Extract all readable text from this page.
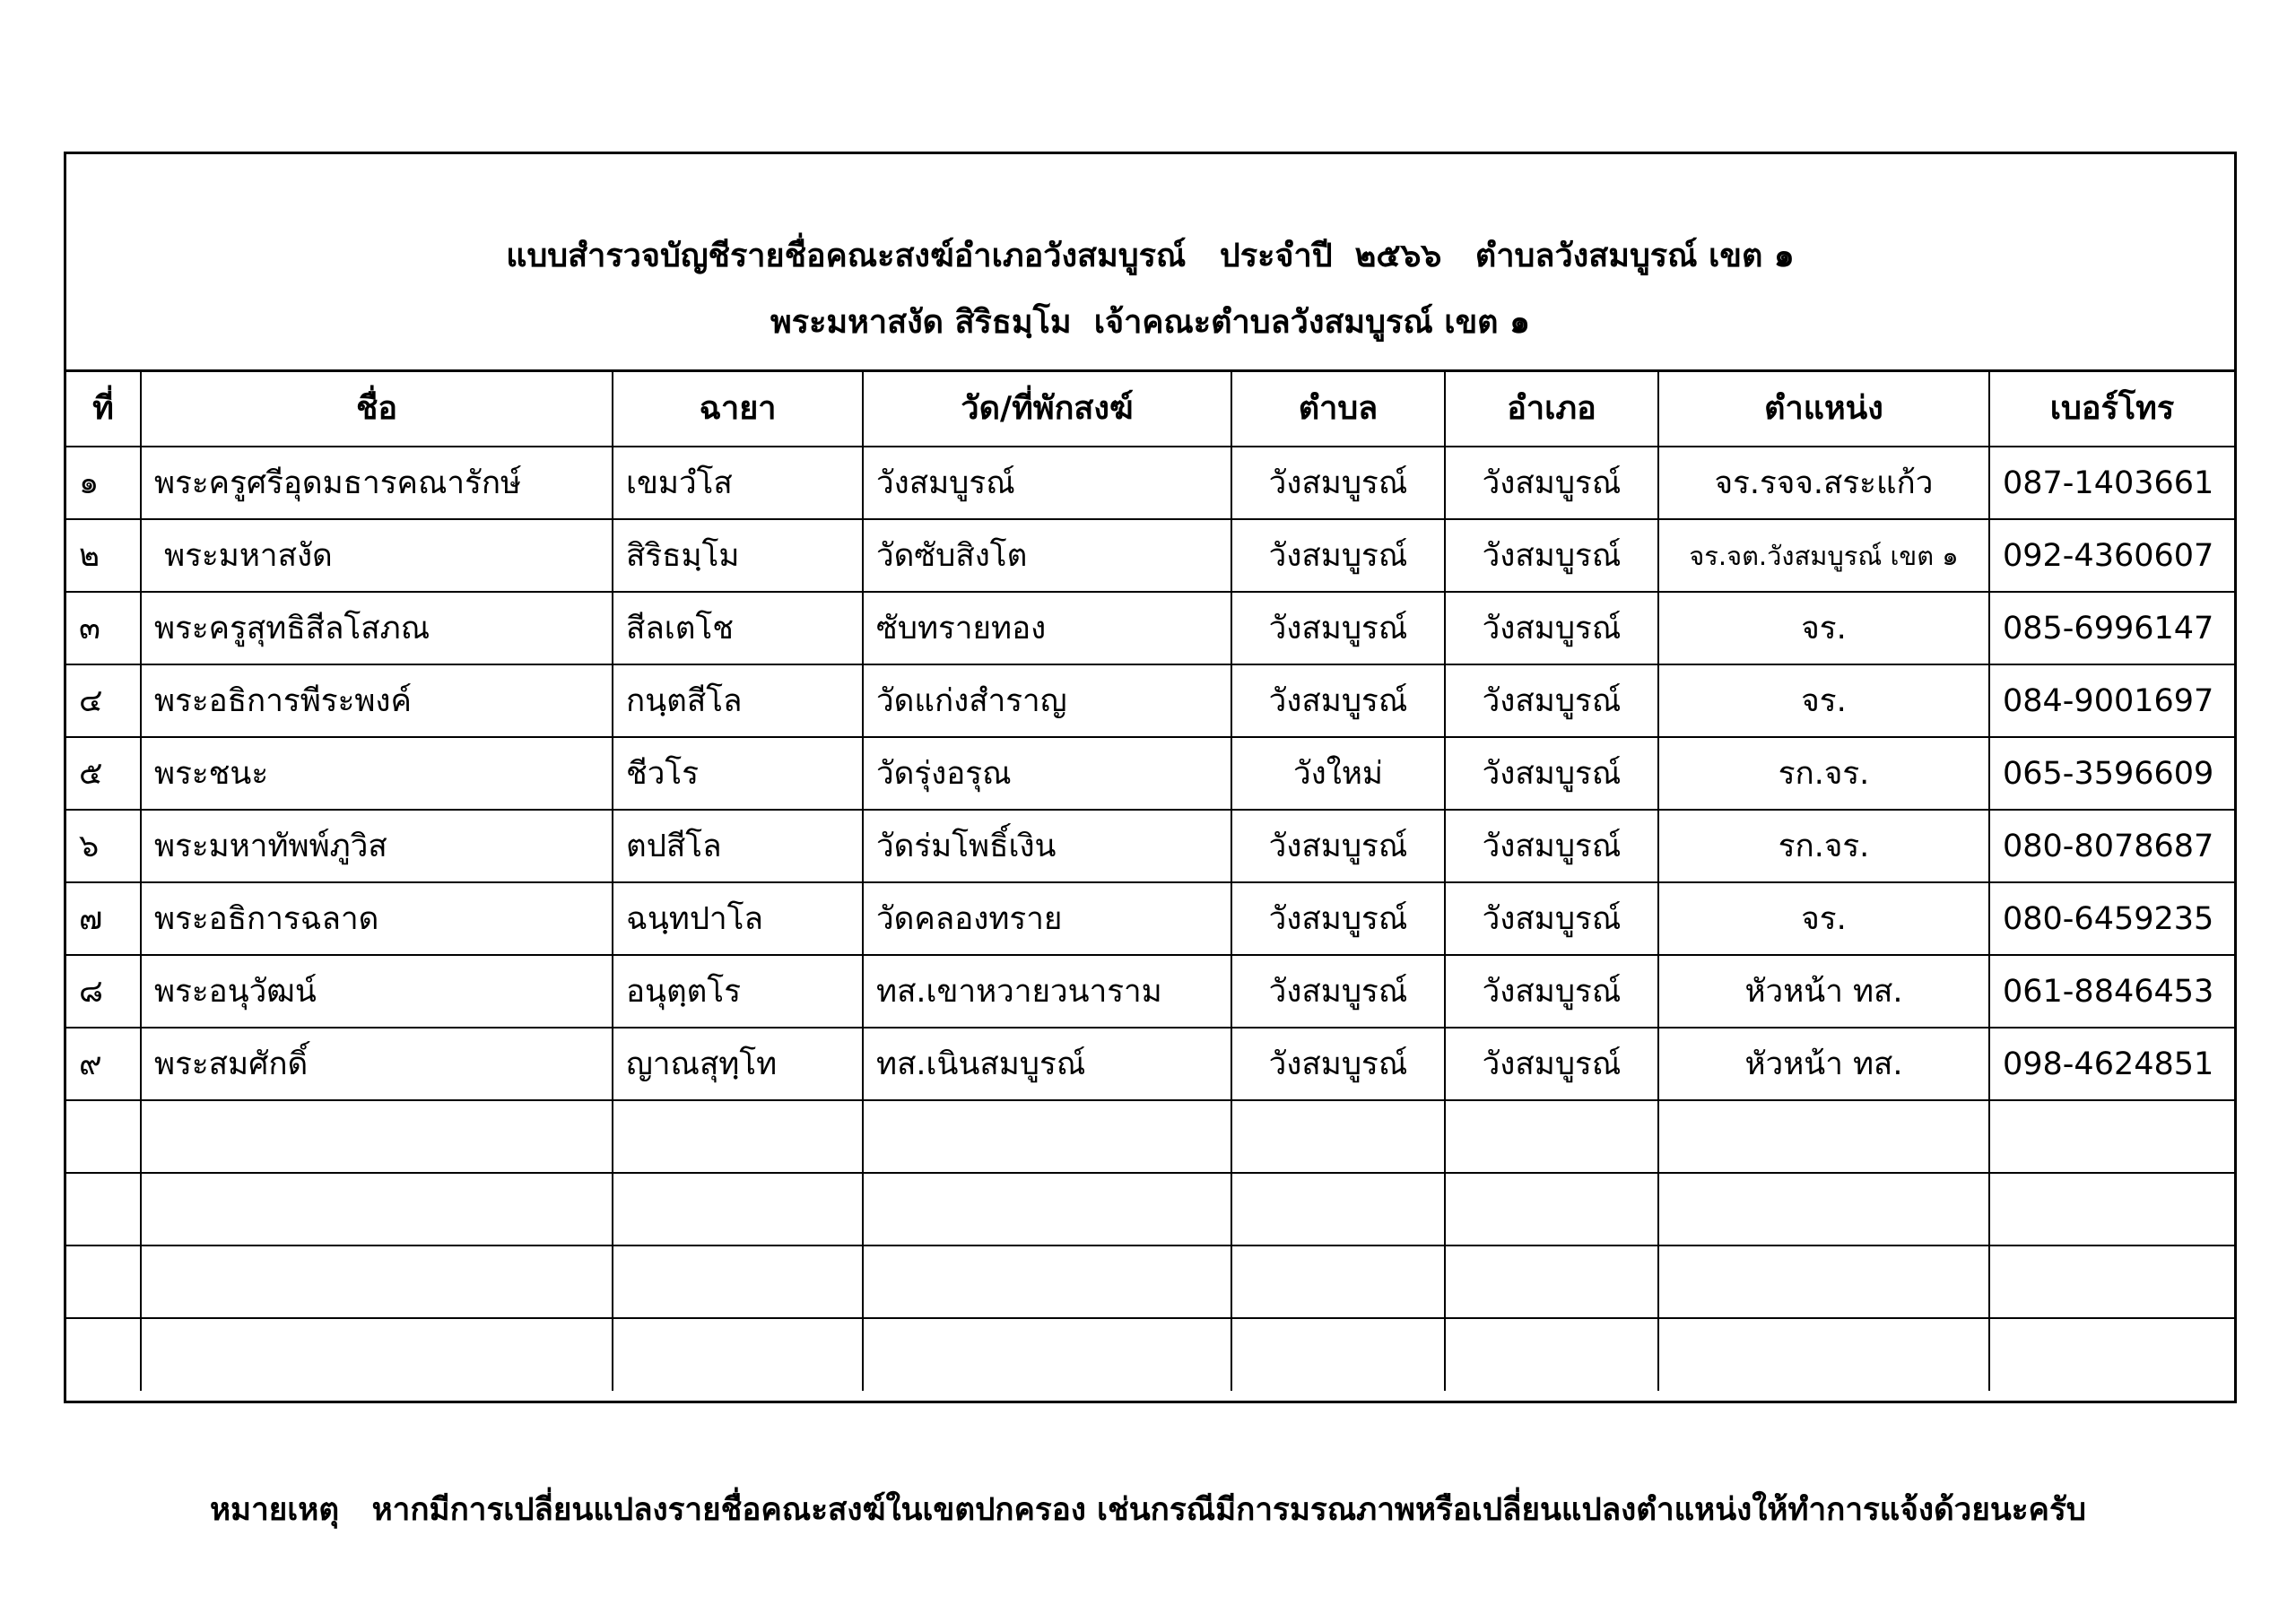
แบบสำรวจบัญชีรายชื่อคณะสงฆ์อำเภอวังสมบูรณ์   ประจำปี  ๒๕๖๖   ตำบลวังสมบูรณ์ เขต ๑
พระมหาสงัด สิริธมฺโม  เจ้าคณะตำบลวังสมบูรณ์ เขต ๑
ที่	ชื่อ	ฉายา	วัด/ที่พักสงฆ์	ตำบล	อำเภอ	ตำแหน่ง	เบอร์โทร
๑	พระครูศรีอุดมธารคณารักษ์	เขมวํโส	วังสมบูรณ์	วังสมบูรณ์	วังสมบูรณ์	จร.รจจ.สระแก้ว	087-1403661
๒	พระมหาสงัด	สิริธมฺโม	วัดซับสิงโต	วังสมบูรณ์	วังสมบูรณ์	จร.จต.วังสมบูรณ์ เขต ๑	092-4360607
๓	พระครูสุทธิสีลโสภณ	สีลเตโช	ซับทรายทอง	วังสมบูรณ์	วังสมบูรณ์	จร.	085-6996147
๔	พระอธิการพีระพงค์	กนฺตสีโล	วัดแก่งสำราญ	วังสมบูรณ์	วังสมบูรณ์	จร.	084-9001697
๕	พระชนะ	ชีวโร	วัดรุ่งอรุณ	วังใหม่	วังสมบูรณ์	รก.จร.	065-3596609
๖	พระมหาทัพพ์ภูวิส	ตปสีโล	วัดร่มโพธิ์เงิน	วังสมบูรณ์	วังสมบูรณ์	รก.จร.	080-8078687
๗	พระอธิการฉลาด	ฉนฺทปาโล	วัดคลองทราย	วังสมบูรณ์	วังสมบูรณ์	จร.	080-6459235
๘	พระอนุวัฒน์	อนุตฺตโร	ทส.เขาหวายวนาราม	วังสมบูรณ์	วังสมบูรณ์	หัวหน้า ทส.	061-8846453
๙	พระสมศักดิ์	ญาณสุทฺโท	ทส.เนินสมบูรณ์	วังสมบูรณ์	วังสมบูรณ์	หัวหน้า ทส.	098-4624851

หมายเหตุ   หากมีการเปลี่ยนแปลงรายชื่อคณะสงฆ์ในเขตปกครอง เช่นกรณีมีการมรณภาพหรือเปลี่ยนแปลงตำแหน่งให้ทำการแจ้งด้วยนะครับ
